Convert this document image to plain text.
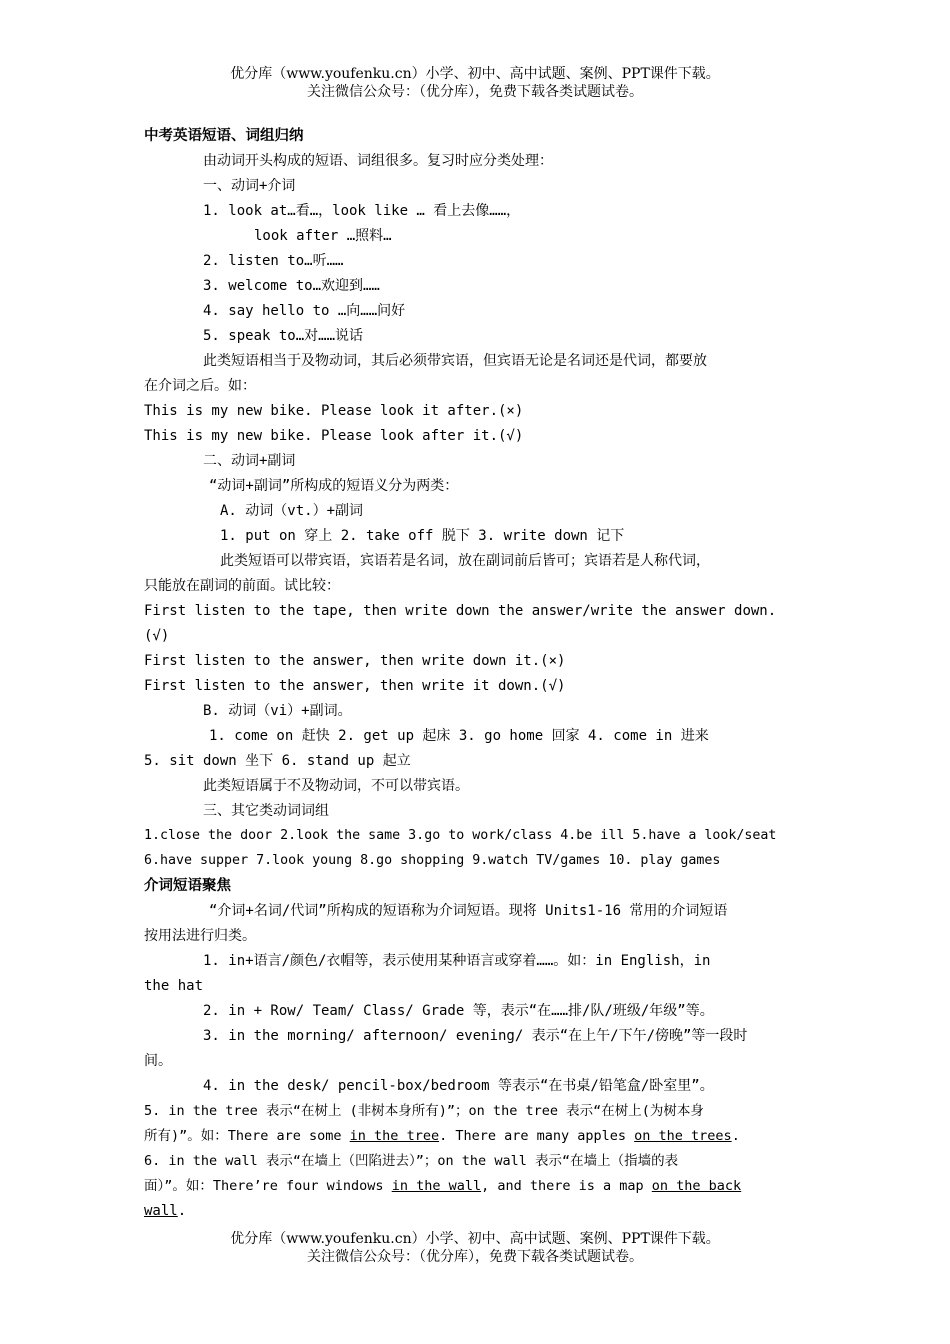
优分库（www.youfenku.cn）小学、初中、高中试题、案例、PPT课件下载。
关注微信公众号：（优分库），免费下载各类试题试卷。
中考英语短语、词组归纳
由动词开头构成的短语、词组很多。复习时应分类处理：
一、动词+介词
1. look at…看…，look like … 看上去像……，
look after …照料…
2. listen to…听……
3. welcome to…欢迎到……
4. say hello to …向……问好
5. speak to…对……说话
此类短语相当于及物动词，其后必须带宾语，但宾语无论是名词还是代词，都要放
在介词之后。如：
This is my new bike. Please look it after.(×)
This is my new bike. Please look after it.(√)
二、动词+副词
“动词+副词”所构成的短语义分为两类：
A. 动词（vt.）+副词
1. put on 穿上 2. take off 脱下 3. write down 记下
此类短语可以带宾语，宾语若是名词，放在副词前后皆可；宾语若是人称代词，
只能放在副词的前面。试比较：
First listen to the tape, then write down the answer/write the answer down.
(√)
First listen to the answer, then write down it.(×)
First listen to the answer, then write it down.(√)
B. 动词（vi）+副词。
1. come on 赶快 2. get up 起床 3. go home 回家 4. come in 进来
5. sit down 坐下 6. stand up 起立
此类短语属于不及物动词，不可以带宾语。
三、其它类动词词组
1.close the door 2.look the same 3.go to work/class 4.be ill 5.have a look/seat
6.have supper 7.look young 8.go shopping 9.watch TV/games 10. play games
介词短语聚焦
“介词+名词/代词”所构成的短语称为介词短语。现将 Units1-16 常用的介词短语
按用法进行归类。
1. in+语言/颜色/衣帽等，表示使用某种语言或穿着……。如：in English，in
the hat
2. in + Row/ Team/ Class/ Grade 等，表示“在……排/队/班级/年级”等。
3. in the morning/ afternoon/ evening/ 表示“在上午/下午/傍晚”等一段时
间。
4. in the desk/ pencil-box/bedroom 等表示“在书桌/铅笔盒/卧室里”。
5. in the tree 表示“在树上 (非树本身所有)”；on the tree 表示“在树上(为树本身
所有)”。如：There are some in the tree. There are many apples on the trees.
6. in the wall 表示“在墙上（凹陷进去）”；on the wall 表示“在墙上（指墙的表
面）”。如：There’re four windows in the wall, and there is a map on the back
wall.
优分库（www.youfenku.cn）小学、初中、高中试题、案例、PPT课件下载。
关注微信公众号：（优分库），免费下载各类试题试卷。
